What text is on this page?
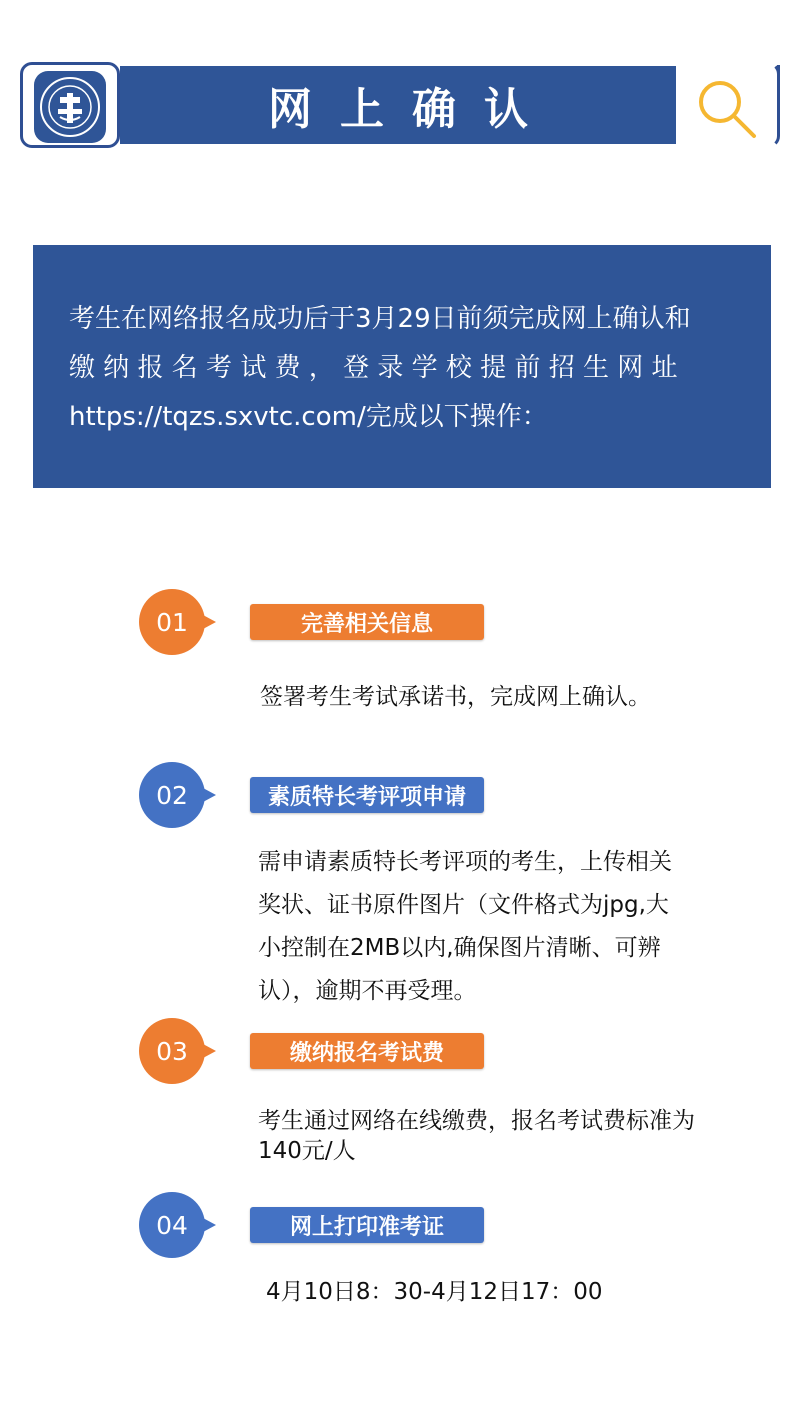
网上确认
考生在网络报名成功后于3月29日前须完成网上确认和
缴 纳 报 名 考 试 费 ， 登 录 学 校 提 前 招 生 网 址
https://tqzs.sxvtc.com/完成以下操作：
01	完善相关信息
签署考生考试承诺书，完成网上确认。
02	素质特长考评项申请
需申请素质特长考评项的考生，上传相关
奖状、证书原件图片（文件格式为jpg,大
小控制在2MB以内,确保图片清晰、可辨
认），逾期不再受理。
03	缴纳报名考试费
考生通过网络在线缴费，报名考试费标准为
140元/人
04	网上打印准考证
4月10日8：30-4月12日17：00
